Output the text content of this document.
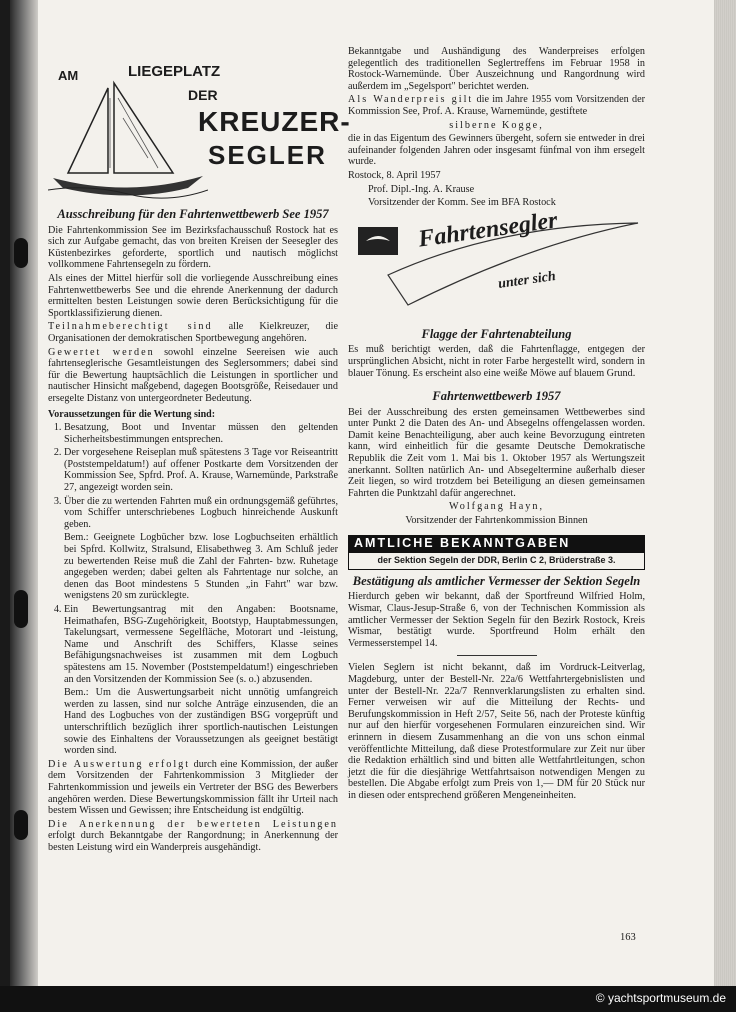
AM	LIEGEPLATZ
DER
KREUZER-
SEGLER
Ausschreibung für den Fahrtenwettbewerb See 1957

Die Fahrtenkommission See im Bezirksfachausschuß Rostock hat es sich zur Aufgabe gemacht, das von breiten Kreisen der Seesegler des Küstenbezirkes geforderte, sportlich und nautisch möglichst vollkommene Fahrtensegeln zu fördern.

Als eines der Mittel hierfür soll die vorliegende Ausschreibung eines Fahrtenwettbewerbs See und die ehrende Anerkennung der dadurch ermittelten besten Leistungen sowie deren Berücksichtigung für die Sportklassifizierung dienen.

Teilnahmeberechtigt sind alle Kielkreuzer, die Organisationen der demokratischen Sportbewegung angehören.

Gewertet werden sowohl einzelne Seereisen wie auch fahrtenseglerische Gesamtleistungen des Seglersommers; dabei sind für die Bewertung hauptsächlich die Leistungen in sportlicher und nautischer Hinsicht maßgebend, dagegen Bootsgröße, Reisedauer und ersegelte Distanz von untergeordneter Bedeutung.

Voraussetzungen für die Wertung sind:
1. Besatzung, Boot und Inventar müssen den geltenden Sicherheitsbestimmungen entsprechen.
2. Der vorgesehene Reiseplan muß spätestens 3 Tage vor Reiseantritt (Poststempeldatum!) auf offener Postkarte dem Vorsitzenden der Kommission See, Spfrd. Prof. A. Krause, Warnemünde, Parkstraße 27, angezeigt worden sein.
3. Über die zu wertenden Fahrten muß ein ordnungsgemäß geführtes, vom Schiffer unterschriebenes Logbuch hinreichende Auskunft geben.

Bem.: Geeignete Logbücher bzw. lose Logbuchseiten erhältlich bei Spfrd. Kollwitz, Stralsund, Elisabethweg 3. Am Schluß jeder zu bewertenden Reise muß die Zahl der Fahrten- bzw. Ruhetage angegeben werden; dabei gelten als Fahrtentage nur solche, an denen das Boot mindestens 5 Stunden „in Fahrt" war bzw. wenigstens 20 sm zurücklegte.

4. Ein Bewertungsantrag mit den Angaben: Bootsname, Heimathafen, BSG-Zugehörigkeit, Bootstyp, Hauptabmessungen, Takelungsart, vermessene Segelfläche, Motorart und -leistung, Name und Anschrift des Schiffers, Klasse seines Befähigungsnachweises ist zusammen mit dem Logbuch spätestens am 15. November (Poststempeldatum!) eingeschrieben an den Vorsitzenden der Kommission See (s. o.) abzusenden.

Bem.: Um die Auswertungsarbeit nicht unnötig umfangreich werden zu lassen, sind nur solche Anträge einzusenden, die an Hand des Logbuches von der zuständigen BSG vorgeprüft und unterschriftlich bezüglich ihrer sportlich-nautischen Leistungen sowie des Einhaltens der Voraussetzungen als geeignet bestätigt worden sind.

Die Auswertung erfolgt durch eine Kommission, der außer dem Vorsitzenden der Fahrtenkommission 3 Mitglieder der Fahrtenkommission und jeweils ein Vertreter der BSG des Bewerbers angehören werden. Diese Bewertungskommission fällt ihr Urteil nach bestem Wissen und Gewissen; ihre Entscheidung ist endgültig.

Die Anerkennung der bewerteten Leistungen erfolgt durch Bekanntgabe der Rangordnung; in Anerkennung der besten Leistung wird ein Wanderpreis ausgehändigt.

Bekanntgabe und Aushändigung des Wanderpreises erfolgen gelegentlich des traditionellen Seglertreffens im Februar 1958 in Rostock-Warnemünde. Über Auszeichnung und Rangordnung wird außerdem im „Segelsport" berichtet werden.

Als Wanderpreis gilt die im Jahre 1955 vom Vorsitzenden der Kommission See, Prof. A. Krause, Warnemünde, gestiftete

silberne Kogge,

die in das Eigentum des Gewinners übergeht, sofern sie entweder in drei aufeinander folgenden Jahren oder insgesamt fünfmal von ihm ersegelt wurde.

Rostock, 8. April 1957

Prof. Dipl.-Ing. A. Krause

Vorsitzender der Komm. See im BFA Rostock

Fahrtensegler
unter sich
Flagge der Fahrtenabteilung

Es muß berichtigt werden, daß die Fahrtenflagge, entgegen der ursprünglichen Absicht, nicht in roter Farbe hergestellt wird, sondern in blauer Tönung. Es erscheint also eine weiße Möwe auf blauem Grund.

Fahrtenwettbewerb 1957

Bei der Ausschreibung des ersten gemeinsamen Wettbewerbes sind unter Punkt 2 die Daten des An- und Absegelns offengelassen worden. Damit keine Benachteiligung, aber auch keine Bevorzugung eintreten kann, wird einheitlich für die gesamte Deutsche Demokratische Republik die Zeit vom 1. Mai bis 1. Oktober 1957 als Wertungszeit anerkannt. Sollten natürlich An- und Absegeltermine außerhalb dieser Zeit liegen, so wird trotzdem bei Beteiligung an diesen gemeinsamen Fahrten die Punktzahl dafür angerechnet.

Wolfgang Hayn,

Vorsitzender der Fahrtenkommission Binnen

AMTLICHE BEKANNTGABEN
der Sektion Segeln der DDR, Berlin C 2, Brüderstraße 3.
Bestätigung als amtlicher Vermesser der Sektion Segeln

Hierdurch geben wir bekannt, daß der Sportfreund Wilfried Holm, Wismar, Claus-Jesup-Straße 6, von der Technischen Kommission als amtlicher Vermesser der Sektion Segeln für den Bezirk Rostock, Kreis Wismar, bestätigt wurde. Sportfreund Holm erhält den Vermesserstempel 14.

Vielen Seglern ist nicht bekannt, daß im Vordruck-Leitverlag, Magdeburg, unter der Bestell-Nr. 22a/6 Wettfahrtergebnislisten und unter der Bestell-Nr. 22a/7 Rennverklarungslisten zu erhalten sind. Ferner verweisen wir auf die Mitteilung der Rechts- und Berufungskommission in Heft 2/57, Seite 56, nach der Proteste künftig nur auf den hierfür vorgesehenen Formularen einzureichen sind. Wir erinnern in diesem Zusammenhang an die von uns schon einmal veröffentlichte Mitteilung, daß diese Protestformulare zur Zeit nur über die Redaktion erhältlich sind und bitten alle Wettfahrtleitungen, schon jetzt die für die diesjährige Wettfahrtsaison notwendigen Mengen zu bestellen. Die Abgabe erfolgt zum Preis von 1,— DM für 20 Stück nur in diesen oder entsprechend größeren Mengeneinheiten.

163
© yachtsportmuseum.de
